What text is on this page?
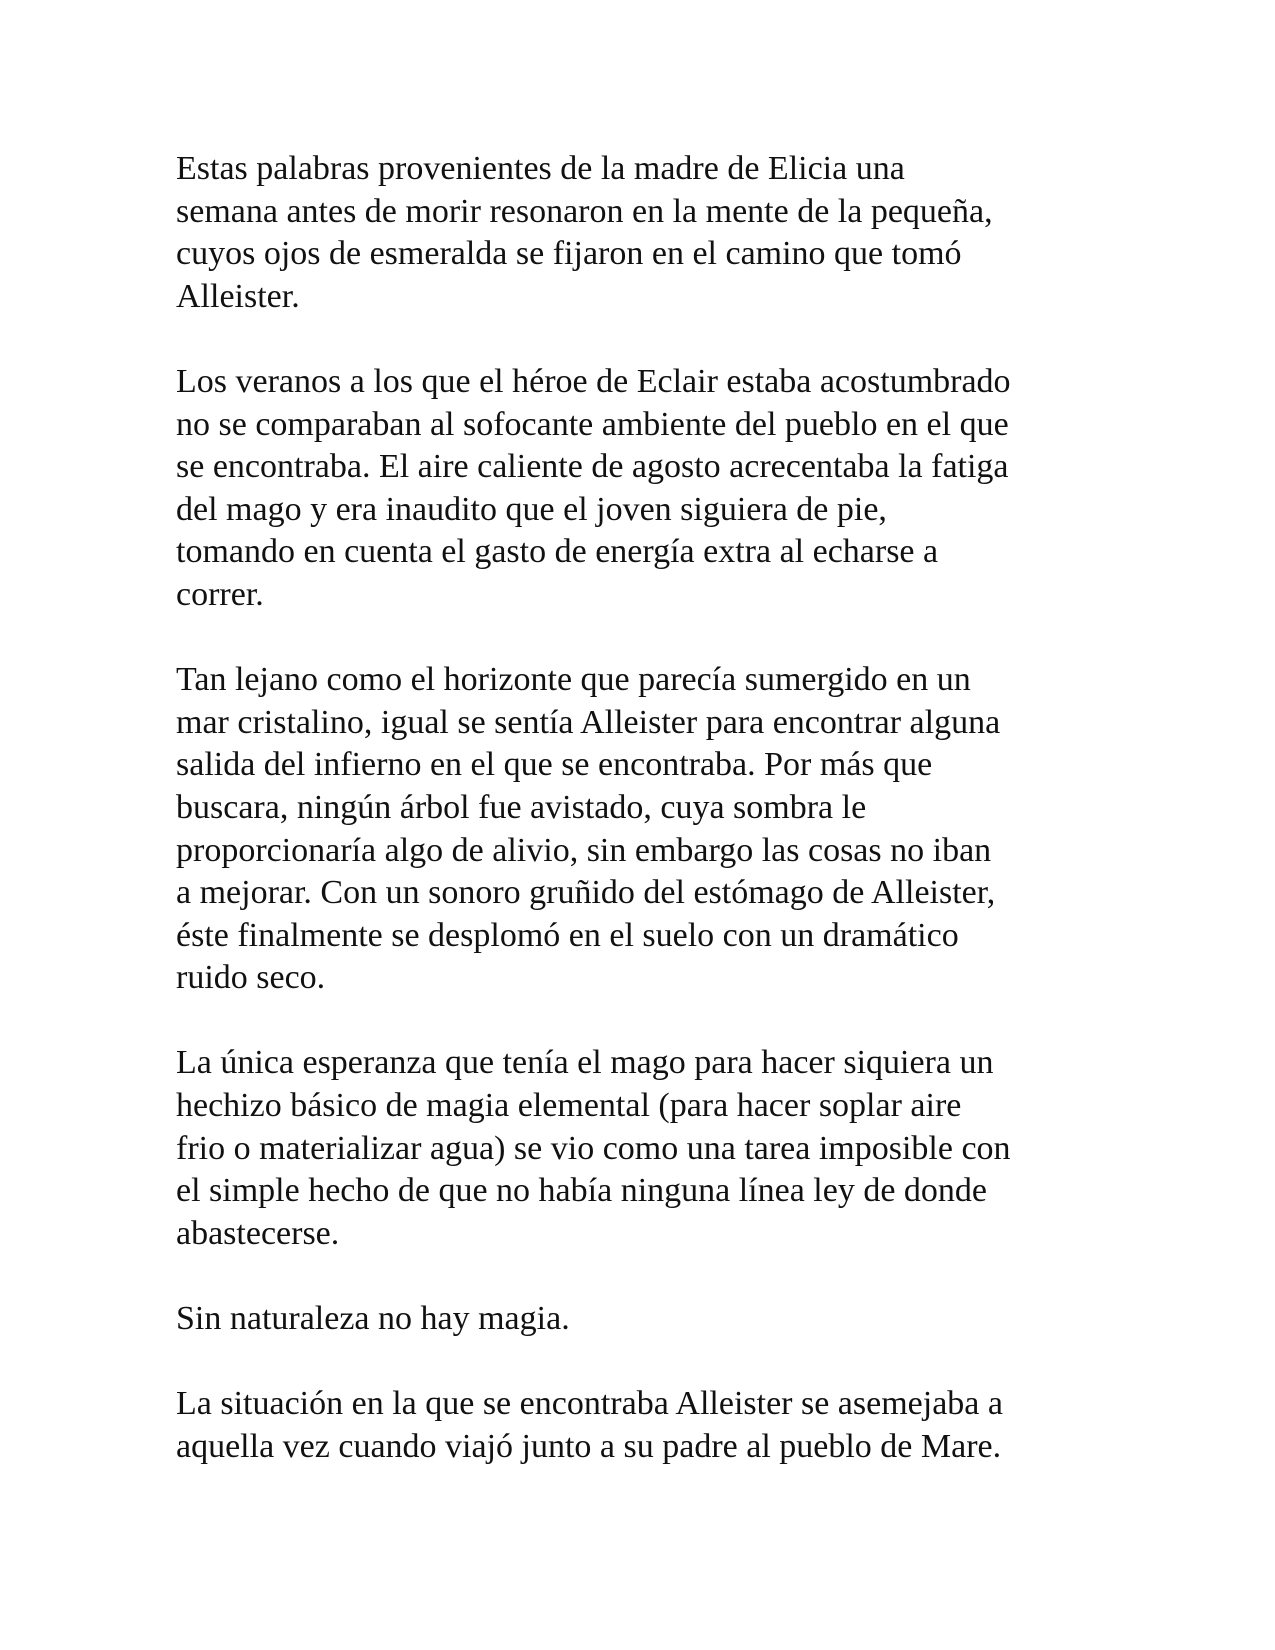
Estas palabras provenientes de la madre de Elicia una
semana antes de morir resonaron en la mente de la pequeña,
cuyos ojos de esmeralda se fijaron en el camino que tomó
Alleister.

Los veranos a los que el héroe de Eclair estaba acostumbrado
no se comparaban al sofocante ambiente del pueblo en el que
se encontraba. El aire caliente de agosto acrecentaba la fatiga
del mago y era inaudito que el joven siguiera de pie,
tomando en cuenta el gasto de energía extra al echarse a
correr.

Tan lejano como el horizonte que parecía sumergido en un
mar cristalino, igual se sentía Alleister para encontrar alguna
salida del infierno en el que se encontraba. Por más que
buscara, ningún árbol fue avistado, cuya sombra le
proporcionaría algo de alivio, sin embargo las cosas no iban
a mejorar. Con un sonoro gruñido del estómago de Alleister,
éste finalmente se desplomó en el suelo con un dramático
ruido seco.

La única esperanza que tenía el mago para hacer siquiera un
hechizo básico de magia elemental (para hacer soplar aire
frio o materializar agua) se vio como una tarea imposible con
el simple hecho de que no había ninguna línea ley de donde
abastecerse.

Sin naturaleza no hay magia.

La situación en la que se encontraba Alleister se asemejaba a
aquella vez cuando viajó junto a su padre al pueblo de Mare.
